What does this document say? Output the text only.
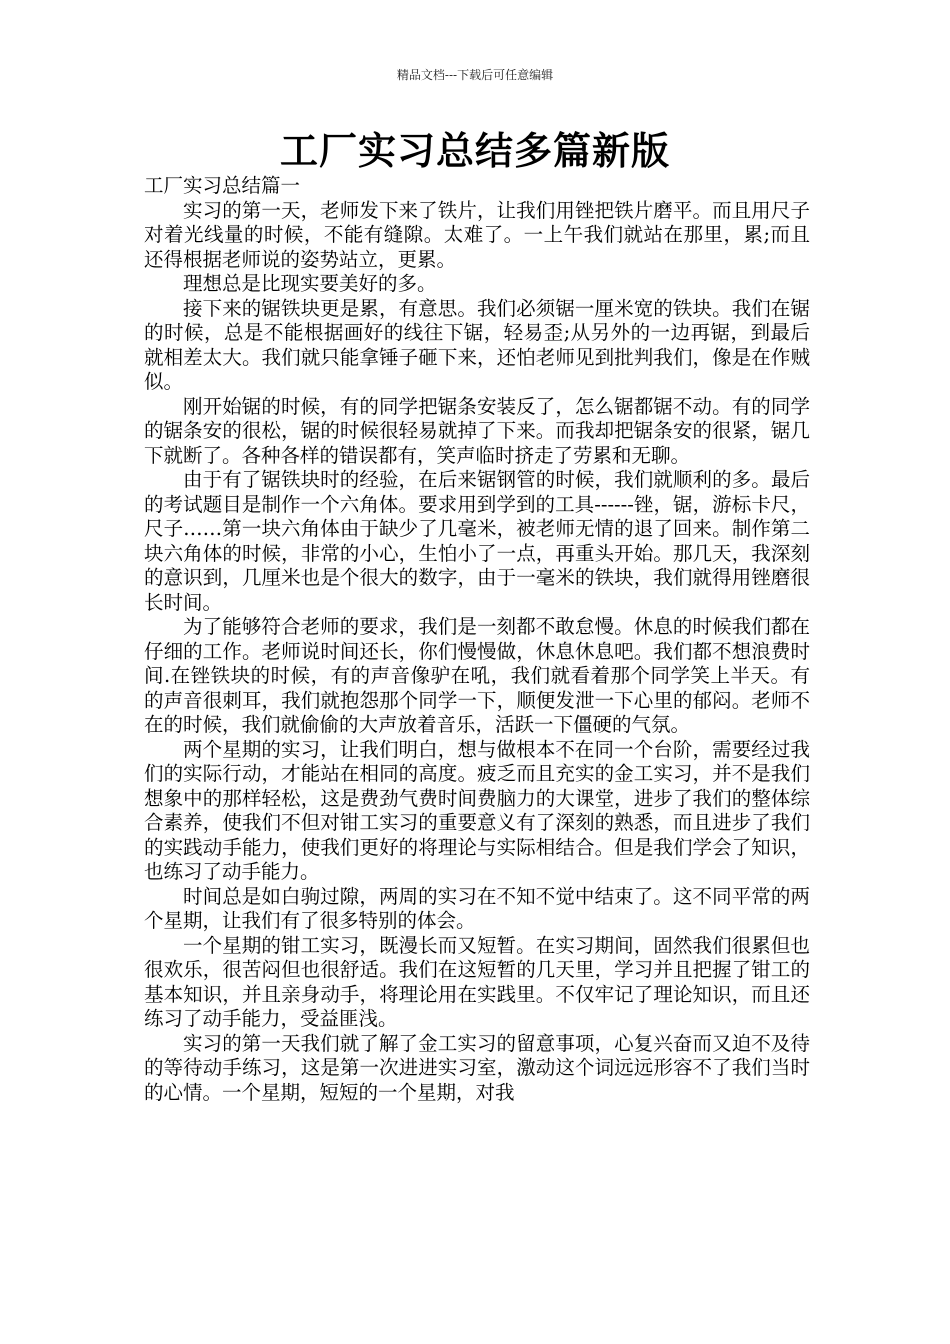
精品文档---下载后可任意编辑
工厂实习总结多篇新版

工厂实习总结篇一

实习的第一天，老师发下来了铁片，让我们用锉把铁片磨平。而且用尺子对着光线量的时候，不能有缝隙。太难了。一上午我们就站在那里，累;而且还得根据老师说的姿势站立，更累。

理想总是比现实要美好的多。

接下来的锯铁块更是累，有意思。我们必须锯一厘米宽的铁块。我们在锯的时候，总是不能根据画好的线往下锯，轻易歪;从另外的一边再锯，到最后就相差太大。我们就只能拿锤子砸下来，还怕老师见到批判我们，像是在作贼似。

刚开始锯的时候，有的同学把锯条安装反了，怎么锯都锯不动。有的同学的锯条安的很松，锯的时候很轻易就掉了下来。而我却把锯条安的很紧，锯几下就断了。各种各样的错误都有，笑声临时挤走了劳累和无聊。

由于有了锯铁块时的经验，在后来锯钢管的时候，我们就顺利的多。最后的考试题目是制作一个六角体。要求用到学到的工具------锉，锯，游标卡尺，尺子……第一块六角体由于缺少了几毫米，被老师无情的退了回来。制作第二块六角体的时候，非常的小心，生怕小了一点，再重头开始。那几天，我深刻的意识到，几厘米也是个很大的数字，由于一毫米的铁块，我们就得用锉磨很长时间。

为了能够符合老师的要求，我们是一刻都不敢怠慢。休息的时候我们都在仔细的工作。老师说时间还长，你们慢慢做，休息休息吧。我们都不想浪费时间.在锉铁块的时候，有的声音像驴在吼，我们就看着那个同学笑上半天。有的声音很刺耳，我们就抱怨那个同学一下，顺便发泄一下心里的郁闷。老师不在的时候，我们就偷偷的大声放着音乐，活跃一下僵硬的气氛。

两个星期的实习，让我们明白，想与做根本不在同一个台阶，需要经过我们的实际行动，才能站在相同的高度。疲乏而且充实的金工实习，并不是我们想象中的那样轻松，这是费劲气费时间费脑力的大课堂，进步了我们的整体综合素养，使我们不但对钳工实习的重要意义有了深刻的熟悉，而且进步了我们的实践动手能力，使我们更好的将理论与实际相结合。但是我们学会了知识，也练习了动手能力。

时间总是如白驹过隙，两周的实习在不知不觉中结束了。这不同平常的两个星期，让我们有了很多特别的体会。

一个星期的钳工实习，既漫长而又短暂。在实习期间，固然我们很累但也很欢乐，很苦闷但也很舒适。我们在这短暂的几天里，学习并且把握了钳工的基本知识，并且亲身动手，将理论用在实践里。不仅牢记了理论知识，而且还练习了动手能力，受益匪浅。

实习的第一天我们就了解了金工实习的留意事项，心复兴奋而又迫不及待的等待动手练习，这是第一次进进实习室，激动这个词远远形容不了我们当时的心情。一个星期，短短的一个星期，对我
